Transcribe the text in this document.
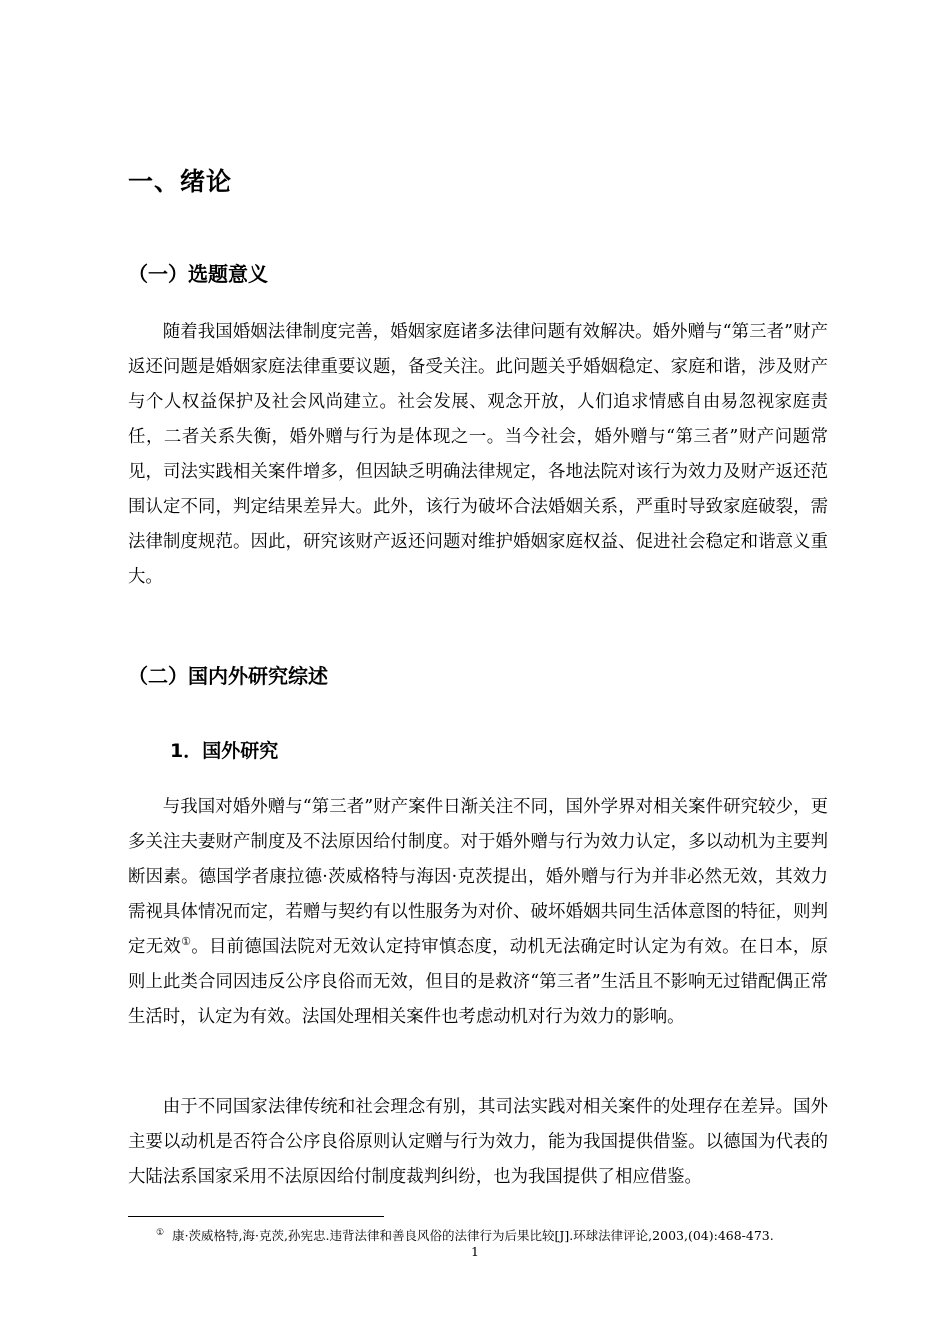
一、绪论
（一）选题意义

随着我国婚姻法律制度完善，婚姻家庭诸多法律问题有效解决。婚外赠与“第三者”财产返还问题是婚姻家庭法律重要议题，备受关注。此问题关乎婚姻稳定、家庭和谐，涉及财产与个人权益保护及社会风尚建立。社会发展、观念开放，人们追求情感自由易忽视家庭责任，二者关系失衡，婚外赠与行为是体现之一。当今社会，婚外赠与“第三者”财产问题常见，司法实践相关案件增多，但因缺乏明确法律规定，各地法院对该行为效力及财产返还范围认定不同，判定结果差异大。此外，该行为破坏合法婚姻关系，严重时导致家庭破裂，需法律制度规范。因此，研究该财产返还问题对维护婚姻家庭权益、促进社会稳定和谐意义重大。

（二）国内外研究综述
1．国外研究

与我国对婚外赠与“第三者”财产案件日渐关注不同，国外学界对相关案件研究较少，更多关注夫妻财产制度及不法原因给付制度。对于婚外赠与行为效力认定，多以动机为主要判断因素。德国学者康拉德·茨威格特与海因·克茨提出，婚外赠与行为并非必然无效，其效力需视具体情况而定，若赠与契约有以性服务为对价、破坏婚姻共同生活体意图的特征，则判定无效①。目前德国法院对无效认定持审慎态度，动机无法确定时认定为有效。在日本，原则上此类合同因违反公序良俗而无效，但目的是救济“第三者”生活且不影响无过错配偶正常生活时，认定为有效。法国处理相关案件也考虑动机对行为效力的影响。

由于不同国家法律传统和社会理念有别，其司法实践对相关案件的处理存在差异。国外主要以动机是否符合公序良俗原则认定赠与行为效力，能为我国提供借鉴。以德国为代表的大陆法系国家采用不法原因给付制度裁判纠纷，也为我国提供了相应借鉴。

① 康·茨威格特,海·克茨,孙宪忠.违背法律和善良风俗的法律行为后果比较[J].环球法律评论,2003,(04):468-473.
1
